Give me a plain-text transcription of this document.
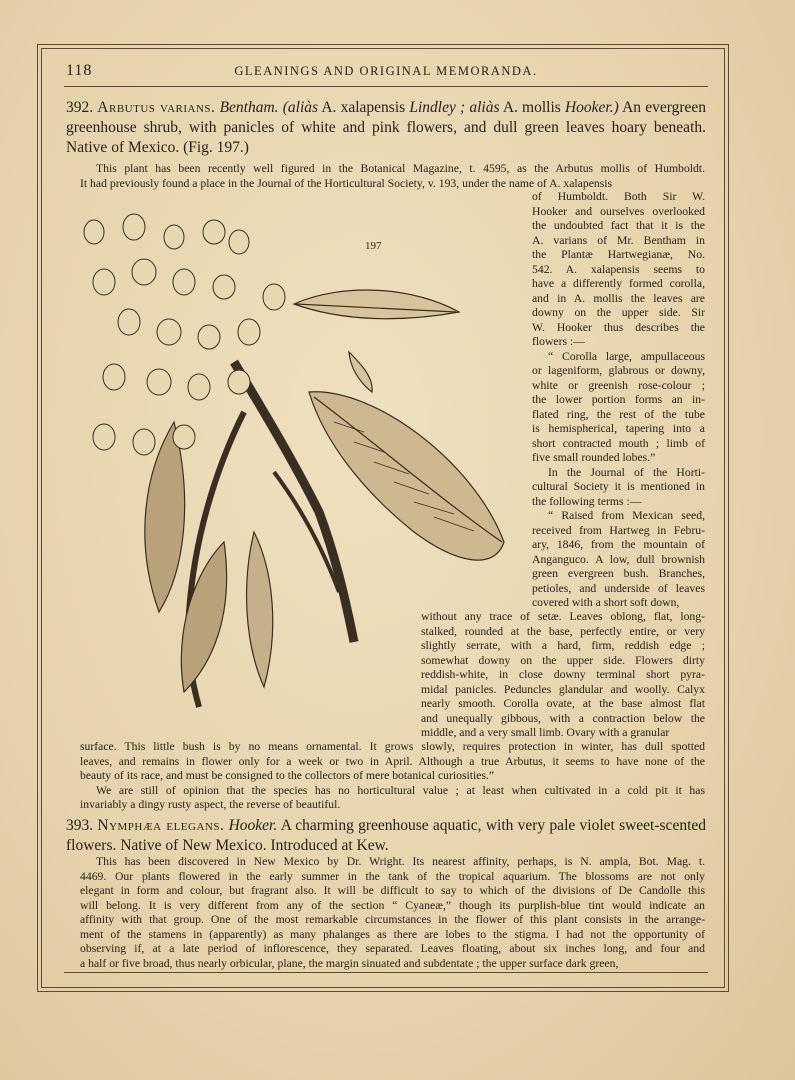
118	GLEANINGS AND ORIGINAL MEMORANDA.
392. Arbutus varians. Bentham. (aliàs A. xalapensis Lindley ; aliàs A. mollis Hooker.) An evergreen greenhouse shrub, with panicles of white and pink flowers, and dull green leaves hoary beneath. Native of Mexico. (Fig. 197.)

This plant has been recently well figured in the Botanical Magazine, t. 4595, as the Arbutus mollis of Humboldt.

It had previously found a place in the Journal of the Horticultural Society, v. 193, under the name of A. xalapensis

of Humboldt. Both Sir W.

Hooker and ourselves overlooked

the undoubted fact that it is the

A. varians of Mr. Bentham in

the Plantæ Hartwegianæ, No.

542. A. xalapensis seems to

have a differently formed corolla,

and in A. mollis the leaves are

downy on the upper side. Sir

W. Hooker thus describes the

flowers :—

“ Corolla large, ampullaceous

or lageniform, glabrous or downy,

white or greenish rose-colour ;

the lower portion forms an in-

flated ring, the rest of the tube

is hemispherical, tapering into a

short contracted mouth ; limb of

five small rounded lobes.”

In the Journal of the Horti-

cultural Society it is mentioned in

the following terms :—

“ Raised from Mexican seed,

received from Hartweg in Febru-

ary, 1846, from the mountain of

Anganguco. A low, dull brownish

green evergreen bush. Branches,

petioles, and underside of leaves

covered with a short soft down,

without any trace of setæ. Leaves oblong, flat, long-

stalked, rounded at the base, perfectly entire, or very

slightly serrate, with a hard, firm, reddish edge ;

somewhat downy on the upper side. Flowers dirty

reddish-white, in close downy terminal short pyra-

midal panicles. Peduncles glandular and woolly. Calyx

nearly smooth. Corolla ovate, at the base almost flat

and unequally gibbous, with a contraction below the

middle, and a very small limb. Ovary with a granular

surface. This little bush is by no means ornamental. It grows slowly, requires protection in winter, has dull spotted

leaves, and remains in flower only for a week or two in April. Although a true Arbutus, it seems to have none of the

beauty of its race, and must be consigned to the collectors of mere botanical curiosities.”

We are still of opinion that the species has no horticultural value ; at least when cultivated in a cold pit it has

invariably a dingy rusty aspect, the reverse of beautiful.

197
393. Nymphæa elegans. Hooker. A charming greenhouse aquatic, with very pale violet sweet-scented flowers. Native of New Mexico. Introduced at Kew.

This has been discovered in New Mexico by Dr. Wright. Its nearest affinity, perhaps, is N. ampla, Bot. Mag. t.

4469. Our plants flowered in the early summer in the tank of the tropical aquarium. The blossoms are not only

elegant in form and colour, but fragrant also. It will be difficult to say to which of the divisions of De Candolle this

will belong. It is very different from any of the section “ Cyaneæ,” though its purplish-blue tint would indicate an

affinity with that group. One of the most remarkable circumstances in the flower of this plant consists in the arrange-

ment of the stamens in (apparently) as many phalanges as there are lobes to the stigma. I had not the opportunity of

observing if, at a late period of inflorescence, they separated. Leaves floating, about six inches long, and four and

a half or five broad, thus nearly orbicular, plane, the margin sinuated and subdentate ; the upper surface dark green,
